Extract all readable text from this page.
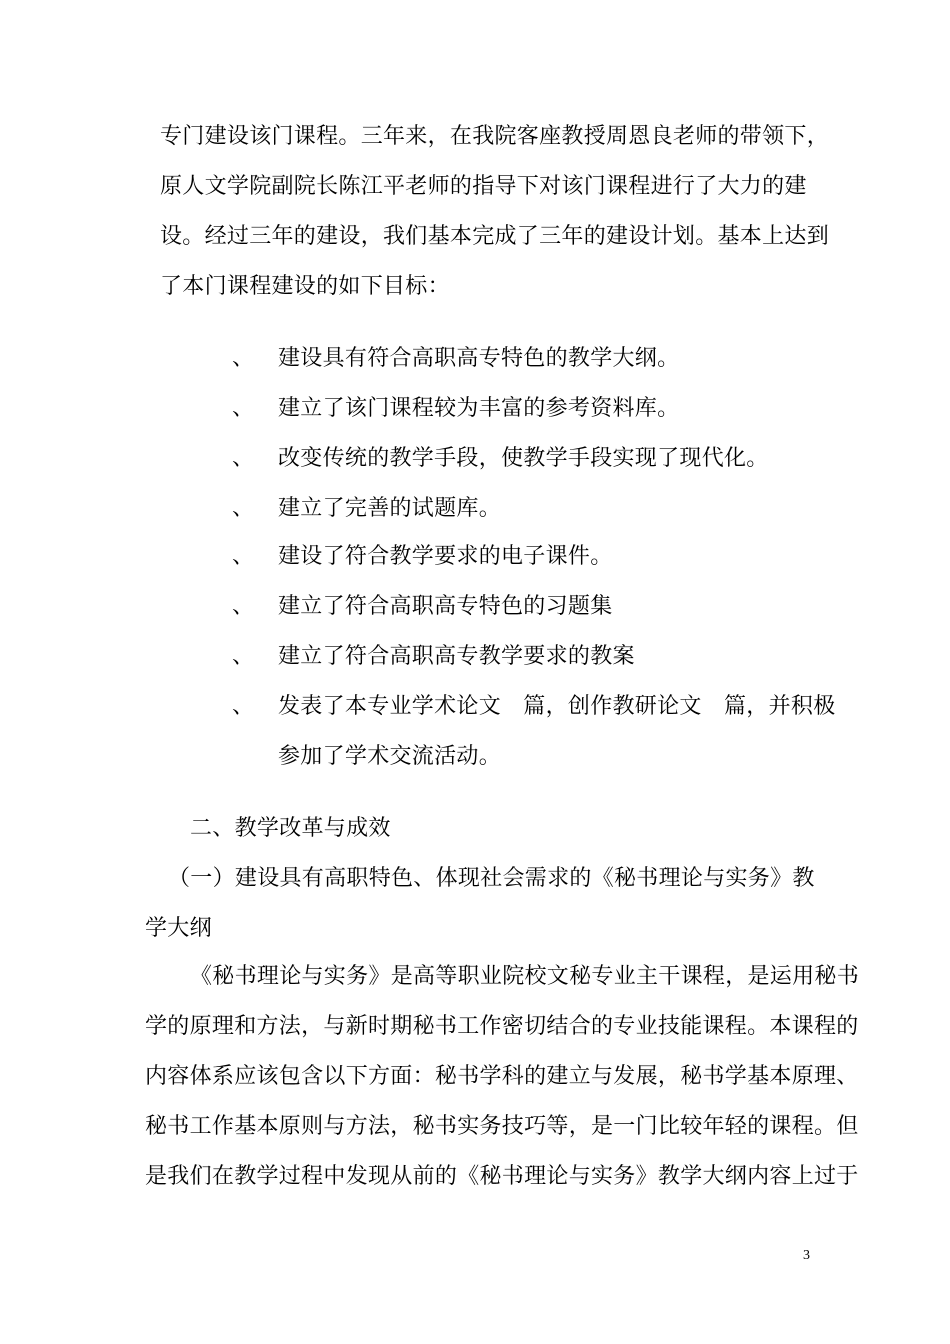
专门建设该门课程。三年来，在我院客座教授周恩良老师的带领下，
原人文学院副院长陈江平老师的指导下对该门课程进行了大力的建
设。经过三年的建设，我们基本完成了三年的建设计划。基本上达到
了本门课程建设的如下目标：
、 建设具有符合高职高专特色的教学大纲。
、 建立了该门课程较为丰富的参考资料库。
、 改变传统的教学手段，使教学手段实现了现代化。
、 建立了完善的试题库。
、 建设了符合教学要求的电子课件。
、 建立了符合高职高专特色的习题集
、 建立了符合高职高专教学要求的教案
、 发表了本专业学术论文　篇，创作教研论文　篇，并积极
参加了学术交流活动。
二、教学改革与成效
（一）建设具有高职特色、体现社会需求的《秘书理论与实务》教
学大纲
《秘书理论与实务》是高等职业院校文秘专业主干课程，是运用秘书
学的原理和方法，与新时期秘书工作密切结合的专业技能课程。本课程的
内容体系应该包含以下方面：秘书学科的建立与发展，秘书学基本原理、
秘书工作基本原则与方法，秘书实务技巧等，是一门比较年轻的课程。但
是我们在教学过程中发现从前的《秘书理论与实务》教学大纲内容上过于
3
